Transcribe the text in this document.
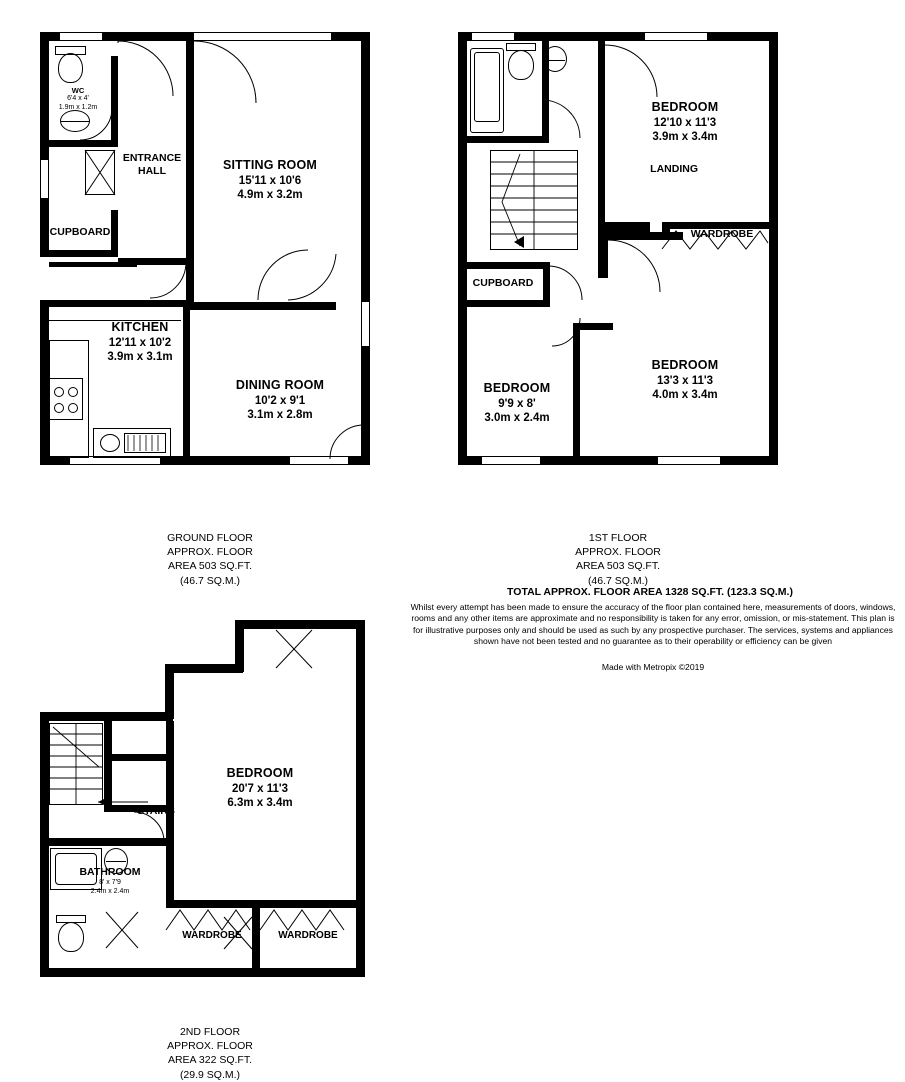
SITTING ROOM
15'11 x 10'6
4.9m x 3.2m
ENTRANCE
HALL
KITCHEN
12'11 x 10'2
3.9m x 3.1m
DINING ROOM
10'2 x 9'1
3.1m x 2.8m
CUPBOARD
WC
6'4 x 4'
1.9m x 1.2m
GROUND FLOOR
APPROX. FLOOR
AREA 503 SQ.FT.
(46.7 SQ.M.)
BEDROOM
12'10 x 11'3
3.9m x 3.4m
BEDROOM
13'3 x 11'3
4.0m x 3.4m
BEDROOM
9'9 x 8'
3.0m x 2.4m
LANDING
WARDROBE
CUPBOARD
1ST FLOOR
APPROX. FLOOR
AREA 503 SQ.FT.
(46.7 SQ.M.)
TOTAL APPROX. FLOOR AREA 1328 SQ.FT. (123.3 SQ.M.)
Whilst every attempt has been made to ensure the accuracy of the floor plan contained here, measurements of doors, windows, rooms and any other items are approximate and no responsibility is taken for any error, omission, or mis-statement. This plan is for illustrative purposes only and should be used as such by any prospective purchaser. The services, systems and appliances shown have not been tested and no guarantee as to their operability or efficiency can be given
Made with Metropix ©2019
BEDROOM
20'7 x 11'3
6.3m x 3.4m
BATHROOM
8' x 7'9
2.4m x 2.4m
CUPBOARD
STAIRS
WARDROBE	WARDROBE
2ND FLOOR
APPROX. FLOOR
AREA 322 SQ.FT.
(29.9 SQ.M.)
